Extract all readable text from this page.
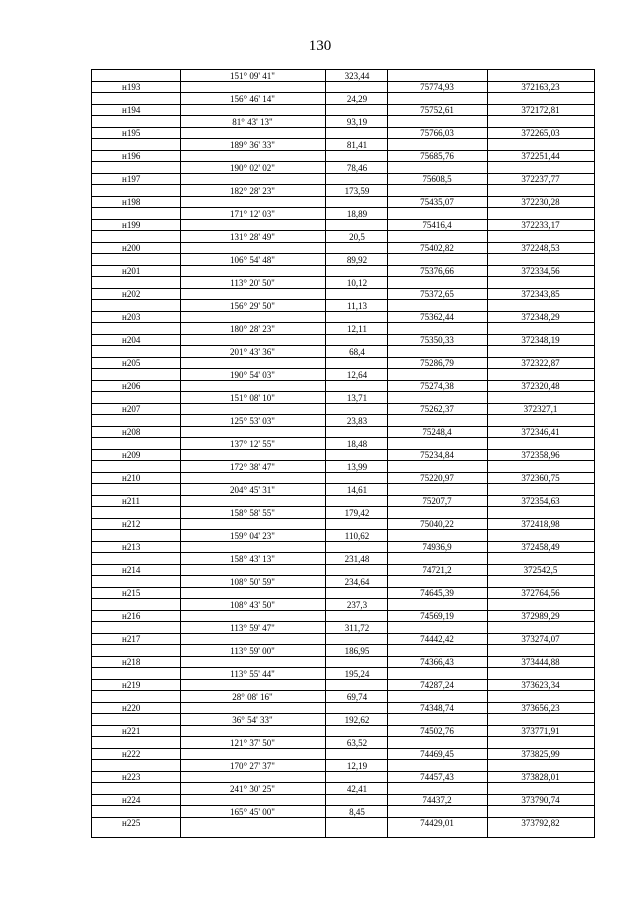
130
151° 09' 41"	323,44
н193	75774,93	372163,23
156° 46' 14"	24,29
н194	75752,61	372172,81
81° 43' 13"	93,19
н195	75766,03	372265,03
189° 36' 33"	81,41
н196	75685,76	372251,44
190° 02' 02"	78,46
н197	75608,5	372237,77
182° 28' 23"	173,59
н198	75435,07	372230,28
171° 12' 03"	18,89
н199	75416,4	372233,17
131° 28' 49"	20,5
н200	75402,82	372248,53
106° 54' 48"	89,92
н201	75376,66	372334,56
113° 20' 50"	10,12
н202	75372,65	372343,85
156° 29' 50"	11,13
н203	75362,44	372348,29
180° 28' 23"	12,11
н204	75350,33	372348,19
201° 43' 36"	68,4
н205	75286,79	372322,87
190° 54' 03"	12,64
н206	75274,38	372320,48
151° 08' 10"	13,71
н207	75262,37	372327,1
125° 53' 03"	23,83
н208	75248,4	372346,41
137° 12' 55"	18,48
н209	75234,84	372358,96
172° 38' 47"	13,99
н210	75220,97	372360,75
204° 45' 31"	14,61
н211	75207,7	372354,63
158° 58' 55"	179,42
н212	75040,22	372418,98
159° 04' 23"	110,62
н213	74936,9	372458,49
158° 43' 13"	231,48
н214	74721,2	372542,5
108° 50' 59"	234,64
н215	74645,39	372764,56
108° 43' 50"	237,3
н216	74569,19	372989,29
113° 59' 47"	311,72
н217	74442,42	373274,07
113° 59' 00"	186,95
н218	74366,43	373444,88
113° 55' 44"	195,24
н219	74287,24	373623,34
28° 08' 16"	69,74
н220	74348,74	373656,23
36° 54' 33"	192,62
н221	74502,76	373771,91
121° 37' 50"	63,52
н222	74469,45	373825,99
170° 27' 37"	12,19
н223	74457,43	373828,01
241° 30' 25"	42,41
н224	74437,2	373790,74
165° 45' 00"	8,45
н225	74429,01	373792,82
